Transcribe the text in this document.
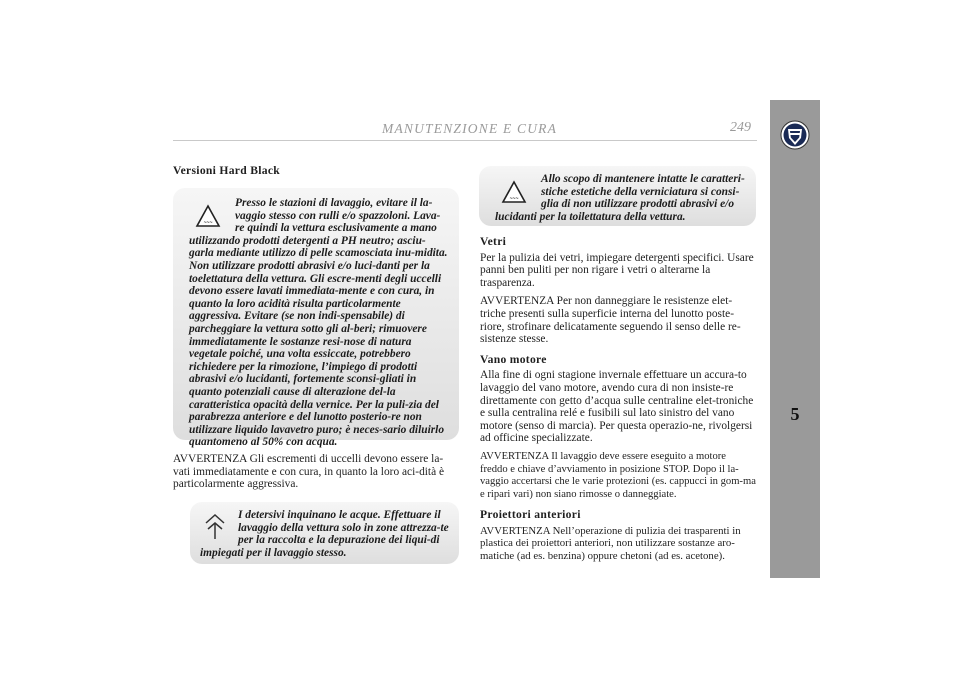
MANUTENZIONE E CURA	249
5

Versioni Hard Black

~~~

Presso le stazioni di lavaggio, evitare il la-vaggio stesso con rulli e/o spazzoloni. Lava-re quindi la vettura esclusivamente a mano utilizzando prodotti detergenti a PH neutro; asciu-garla mediante utilizzo di pelle scamosciata inu-midita. Non utilizzare prodotti abrasivi e/o luci-danti per la toelettatura della vettura. Gli escre-menti degli uccelli devono essere lavati immediata-mente e con cura, in quanto la loro acidità risulta particolarmente aggressiva. Evitare (se non indi-spensabile) di parcheggiare la vettura sotto gli al-beri; rimuovere immediatamente le sostanze resi-nose di natura vegetale poiché, una volta essiccate, potrebbero richiedere per la rimozione, l’impiego di prodotti abrasivi e/o lucidanti, fortemente sconsi-gliati in quanto potenziali cause di alterazione del-la caratteristica opacità della vernice. Per la puli-zia del parabrezza anteriore e del lunotto posterio-re non utilizzare liquido lavavetro puro; è neces-sario diluirlo quantomeno al 50% con acqua.

AVVERTENZA Gli escrementi di uccelli devono essere la-vati immediatamente e con cura, in quanto la loro aci-dità è particolarmente aggressiva.

I detersivi inquinano le acque. Effettuare il lavaggio della vettura solo in zone attrezza-te per la raccolta e la depurazione dei liqui-di impiegati per il lavaggio stesso.

~~~

Allo scopo di mantenere intatte le caratteri-stiche estetiche della verniciatura si consi-glia di non utilizzare prodotti abrasivi e/o lucidanti per la toilettatura della vettura.

Vetri

Per la pulizia dei vetri, impiegare detergenti specifici. Usare panni ben puliti per non rigare i vetri o alterarne la trasparenza.

AVVERTENZA Per non danneggiare le resistenze elet-triche presenti sulla superficie interna del lunotto poste-riore, strofinare delicatamente seguendo il senso delle re-sistenze stesse.

Vano motore

Alla fine di ogni stagione invernale effettuare un accura-to lavaggio del vano motore, avendo cura di non insiste-re direttamente con getto d’acqua sulle centraline elet-troniche e sulla centralina relé e fusibili sul lato sinistro del vano motore (senso di marcia). Per questa operazio-ne, rivolgersi ad officine specializzate.

AVVERTENZA Il lavaggio deve essere eseguito a motore freddo e chiave d’avviamento in posizione STOP. Dopo il la-vaggio accertarsi che le varie protezioni (es. cappucci in gom-ma e ripari vari) non siano rimosse o danneggiate.

Proiettori anteriori

AVVERTENZA Nell’operazione di pulizia dei trasparenti in plastica dei proiettori anteriori, non utilizzare sostanze aro-matiche (ad es. benzina) oppure chetoni (ad es. acetone).
